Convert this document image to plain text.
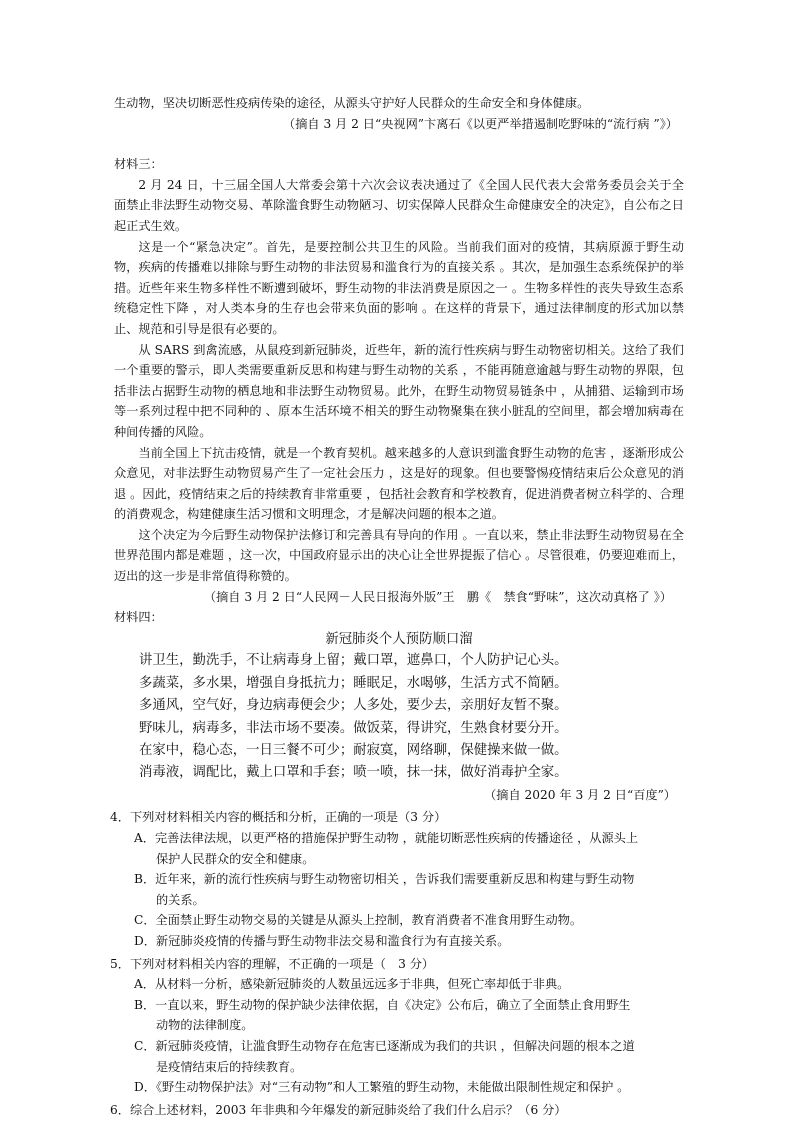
生动物，坚决切断恶性疫病传染的途径，从源头守护好人民群众的生命安全和身体健康。

（摘自 3 月 2 日“央视网”卞离石《以更严举措遏制吃野味的“流行病 ”》）

材料三：

2 月 24 日，十三届全国人大常委会第十六次会议表决通过了《全国人民代表大会常务委员会关于全面禁止非法野生动物交易、革除滥食野生动物陋习、切实保障人民群众生命健康安全的决定》，自公布之日起正式生效。

这是一个“紧急决定”。首先，是要控制公共卫生的风险。当前我们面对的疫情，其病原源于野生动物，疾病的传播难以排除与野生动物的非法贸易和滥食行为的直接关系 。其次，是加强生态系统保护的举措。近些年来生物多样性不断遭到破坏，野生动物的非法消费是原因之一 。生物多样性的丧失导致生态系统稳定性下降 ，对人类本身的生存也会带来负面的影响 。在这样的背景下，通过法律制度的形式加以禁止、规范和引导是很有必要的。

从 SARS 到禽流感，从鼠疫到新冠肺炎，近些年，新的流行性疾病与野生动物密切相关。这给了我们一个重要的警示，即人类需要重新反思和构建与野生动物的关系 ，不能再随意逾越与野生动物的界限，包括非法占据野生动物的栖息地和非法野生动物贸易。此外，在野生动物贸易链条中 ，从捕猎、运输到市场等一系列过程中把不同种的 、原本生活环境不相关的野生动物聚集在狭小脏乱的空间里，都会增加病毒在种间传播的风险。

当前全国上下抗击疫情，就是一个教育契机。越来越多的人意识到滥食野生动物的危害 ，逐渐形成公众意见，对非法野生动物贸易产生了一定社会压力 ，这是好的现象。但也要警惕疫情结束后公众意见的消退 。因此，疫情结束之后的持续教育非常重要 ，包括社会教育和学校教育，促进消费者树立科学的、合理的消费观念，构建健康生活习惯和文明理念，才是解决问题的根本之道。

这个决定为今后野生动物保护法修订和完善具有导向的作用 。一直以来，禁止非法野生动物贸易在全世界范围内都是难题 ，这一次，中国政府显示出的决心让全世界提振了信心 。尽管很难，仍要迎难而上，迈出的这一步是非常值得称赞的。

（摘自 3 月 2 日“人民网－人民日报海外版”王　鹏《　禁食“野味”，这次动真格了 》）

材料四：

新冠肺炎个人预防顺口溜

讲卫生，勤洗手，不让病毒身上留；戴口罩，遮鼻口，个人防护记心头。

多蔬菜，多水果，增强自身抵抗力；睡眠足，水喝够，生活方式不简陋。

多通风，空气好，身边病毒便会少；人多处，要少去，亲朋好友暂不聚。

野味儿，病毒多，非法市场不要凑。做饭菜，得讲究，生熟食材要分开。

在家中，稳心态，一日三餐不可少；耐寂寞，网络聊，保健操来做一做。

消毒液，调配比，戴上口罩和手套；喷一喷，抹一抹，做好消毒护全家。

（摘自 2020 年 3 月 2 日“百度”）

4．下列对材料相关内容的概括和分析，正确的一项是（3 分）

A．完善法律法规，以更严格的措施保护野生动物 ，就能切断恶性疾病的传播途径 ，从源头上

保护人民群众的安全和健康。

B．近年来，新的流行性疾病与野生动物密切相关 ，告诉我们需要重新反思和构建与野生动物

的关系。

C．全面禁止野生动物交易的关键是从源头上控制，教育消费者不准食用野生动物。

D．新冠肺炎疫情的传播与野生动物非法交易和滥食行为有直接关系。

5．下列对材料相关内容的理解，不正确的一项是（　3 分）

A．从材料一分析，感染新冠肺炎的人数虽远远多于非典，但死亡率却低于非典。

B．一直以来，野生动物的保护缺少法律依据，自《决定》公布后，确立了全面禁止食用野生

动物的法律制度。

C．新冠肺炎疫情，让滥食野生动物存在危害已逐渐成为我们的共识 ，但解决问题的根本之道

是疫情结束后的持续教育。

D．《野生动物保护法》对“三有动物”和人工繁殖的野生动物，未能做出限制性规定和保护 。

6．综合上述材料，2003 年非典和今年爆发的新冠肺炎给了我们什么启示？（6 分）
